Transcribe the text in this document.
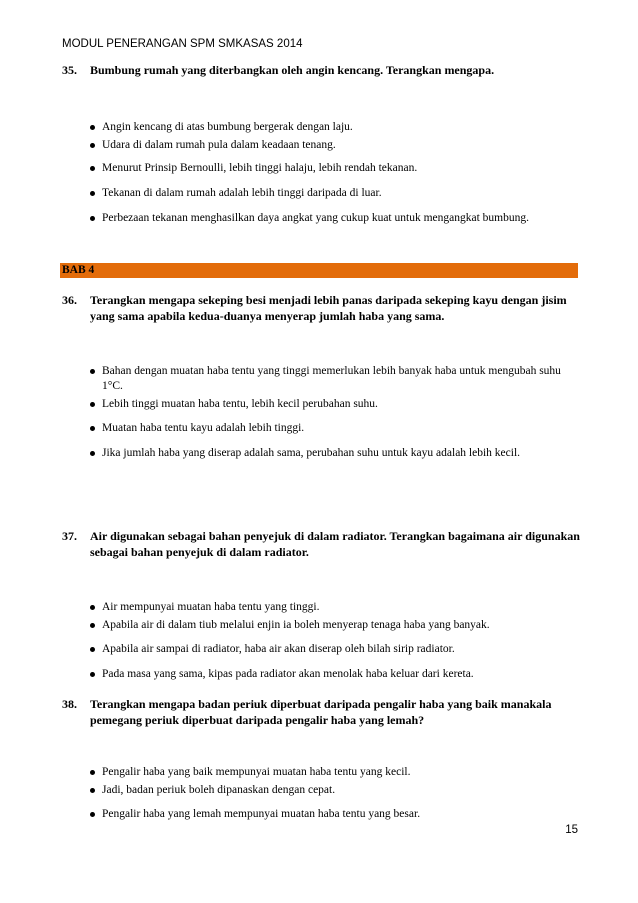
MODUL PENERANGAN SPM SMKASAS 2014
35. Bumbung rumah yang diterbangkan oleh angin kencang. Terangkan mengapa.
Angin kencang di atas bumbung bergerak dengan laju.
Udara di dalam rumah pula dalam keadaan tenang.
Menurut Prinsip Bernoulli, lebih tinggi halaju, lebih rendah tekanan.
Tekanan di dalam rumah adalah lebih tinggi daripada di luar.
Perbezaan tekanan menghasilkan daya angkat yang cukup kuat untuk mengangkat bumbung.
BAB 4
36. Terangkan mengapa sekeping besi menjadi lebih panas daripada sekeping kayu dengan jisim yang sama apabila kedua-duanya menyerap jumlah haba yang sama.
Bahan dengan muatan haba tentu yang tinggi memerlukan lebih banyak haba untuk mengubah suhu 1°C.
Lebih tinggi muatan haba tentu, lebih kecil perubahan suhu.
Muatan haba tentu kayu adalah lebih tinggi.
Jika jumlah haba yang diserap adalah sama, perubahan suhu untuk kayu adalah lebih kecil.
37. Air digunakan sebagai bahan penyejuk di dalam radiator. Terangkan bagaimana air digunakan sebagai bahan penyejuk di dalam radiator.
Air mempunyai muatan haba tentu yang tinggi.
Apabila air di dalam tiub melalui enjin ia boleh menyerap tenaga haba yang banyak.
Apabila air sampai di radiator, haba air akan diserap oleh bilah sirip radiator.
Pada masa yang sama, kipas pada radiator akan menolak haba keluar dari kereta.
38. Terangkan mengapa badan periuk diperbuat daripada pengalir haba yang baik manakala pemegang periuk diperbuat daripada pengalir haba yang lemah?
Pengalir haba yang baik mempunyai muatan haba tentu yang kecil.
Jadi, badan periuk boleh dipanaskan dengan cepat.
Pengalir haba yang lemah mempunyai muatan haba tentu yang besar.
15
